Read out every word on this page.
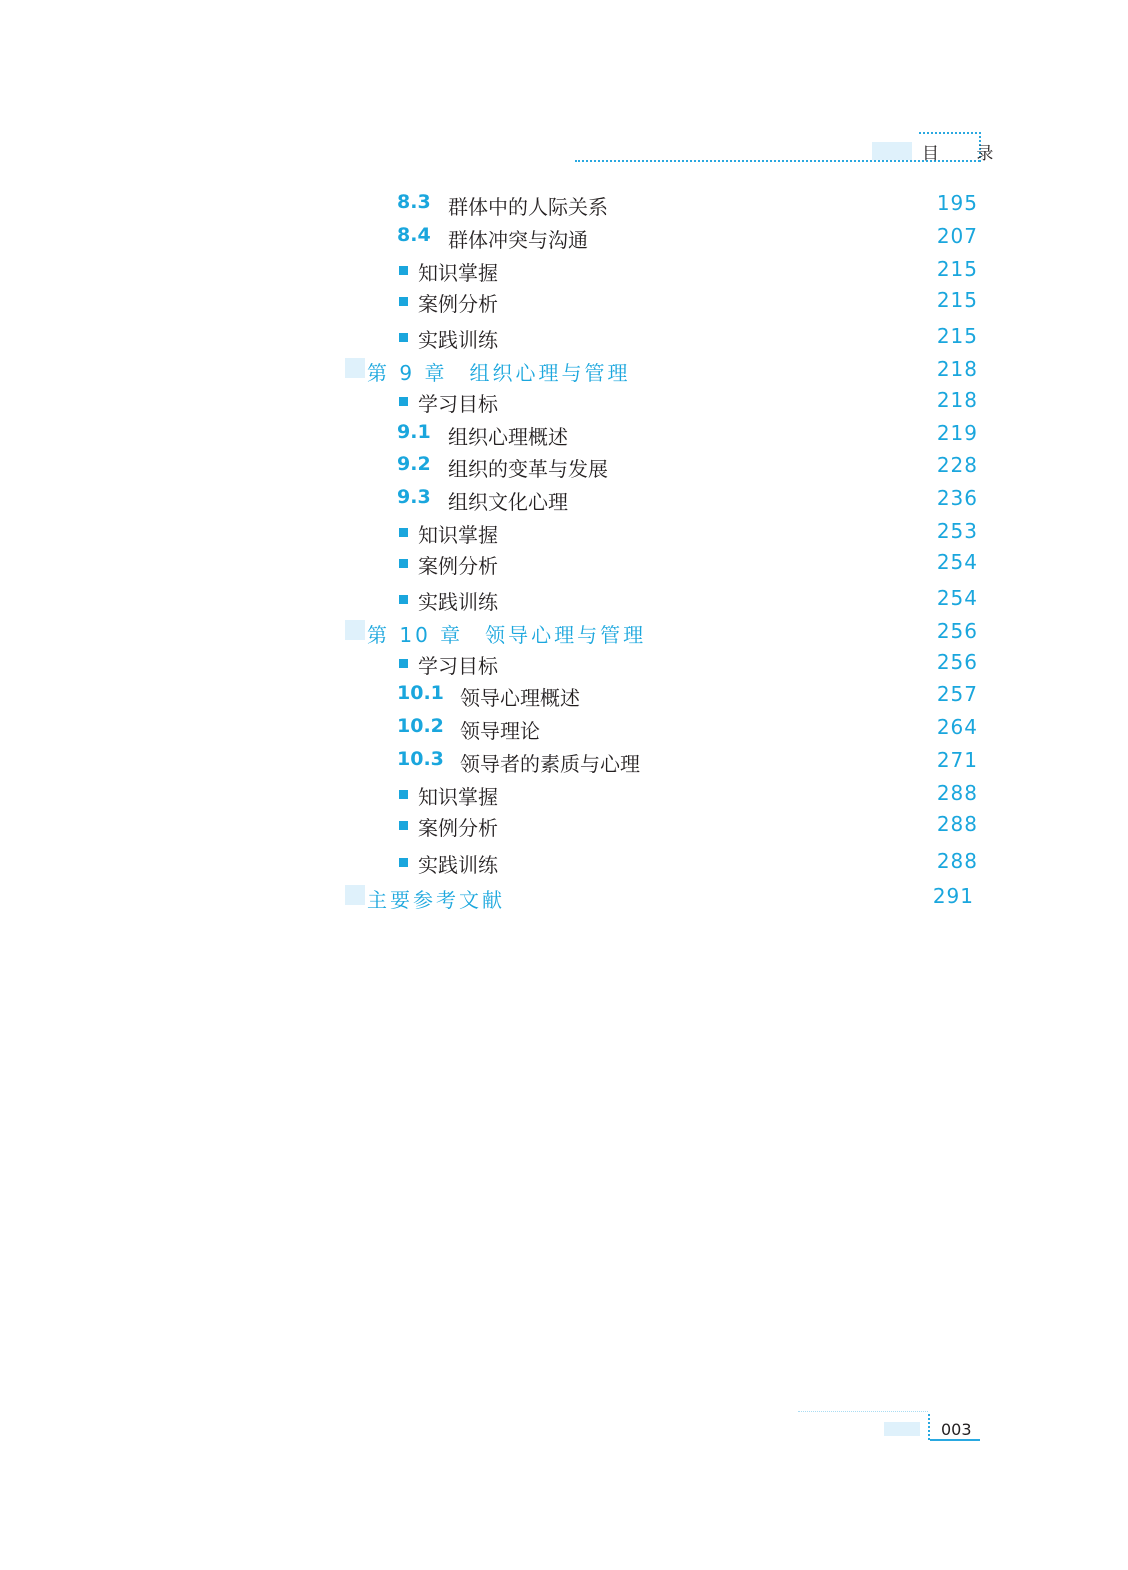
目 录
8.3 群体中的人际关系	195
8.4 群体冲突与沟通	207
知识掌握	215
案例分析	215
实践训练	215
第 9 章 组织心理与管理	218
学习目标	218
9.1 组织心理概述	219
9.2 组织的变革与发展	228
9.3 组织文化心理	236
知识掌握	253
案例分析	254
实践训练	254
第 10 章 领导心理与管理	256
学习目标	256
10.1 领导心理概述	257
10.2 领导理论	264
10.3 领导者的素质与心理	271
知识掌握	288
案例分析	288
实践训练	288
主要参考文献	291
003
